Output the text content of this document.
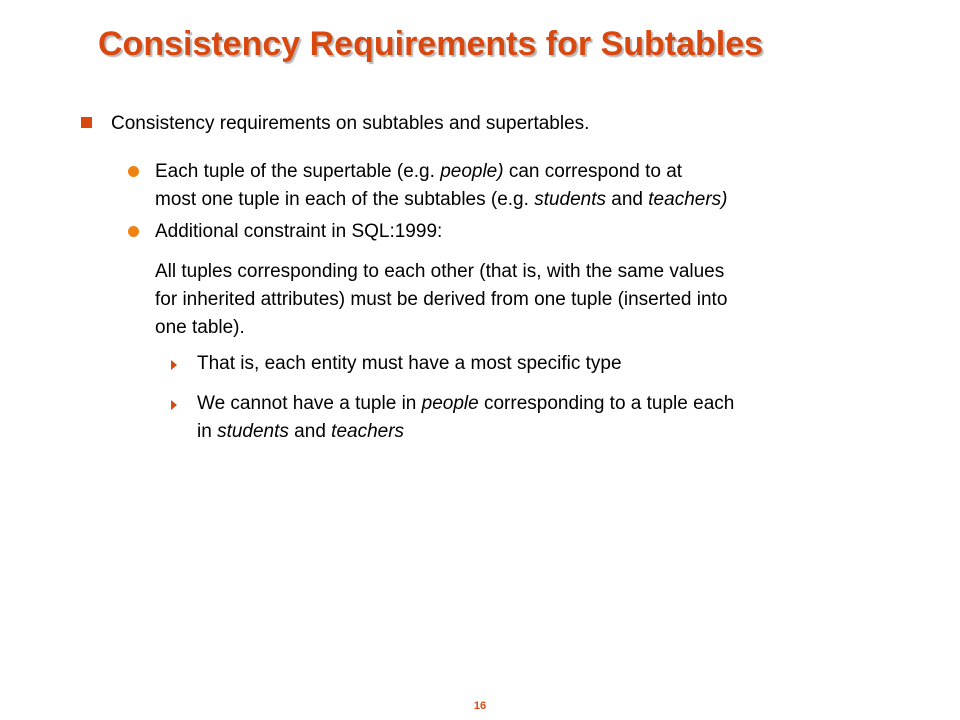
Consistency Requirements for Subtables
Consistency requirements on subtables and supertables.
Each tuple of the supertable (e.g. people) can correspond to at
most one tuple in each of the subtables (e.g. students and teachers)
Additional constraint in SQL:1999:
All tuples corresponding to each other (that is, with the same values
for inherited attributes) must be derived from one tuple (inserted into
one table).
That is, each entity must have a most specific type
We cannot have a tuple in people corresponding to a tuple each
in students and teachers
16
